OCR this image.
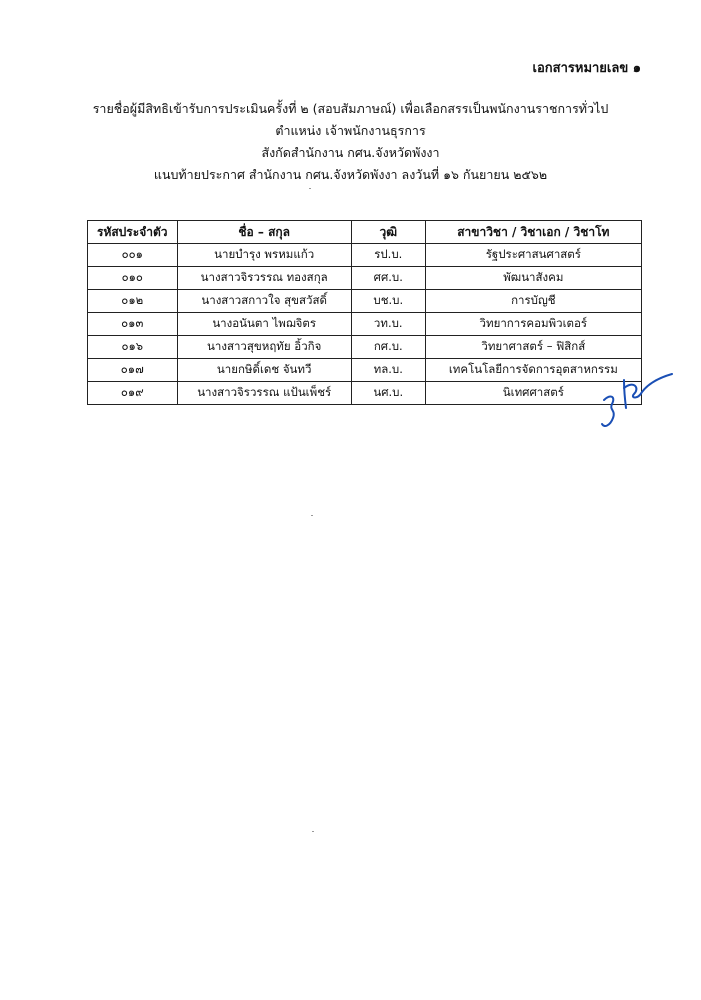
เอกสารหมายเลข ๑
รายชื่อผู้มีสิทธิเข้ารับการประเมินครั้งที่ ๒ (สอบสัมภาษณ์) เพื่อเลือกสรรเป็นพนักงานราชการทั่วไป
ตำแหน่ง เจ้าพนักงานธุรการ
สังกัดสำนักงาน กศน.จังหวัดพังงา
แนบท้ายประกาศ สำนักงาน กศน.จังหวัดพังงา ลงวันที่ ๑๖ กันยายน ๒๕๖๒
รหัสประจำตัว	ชื่อ – สกุล	วุฒิ	สาขาวิชา / วิชาเอก / วิชาโท
๐๐๑	นายบำรุง พรหมแก้ว	รป.บ.	รัฐประศาสนศาสตร์
๐๑๐	นางสาวจิรวรรณ ทองสกุล	ศศ.บ.	พัฒนาสังคม
๐๑๒	นางสาวสกาวใจ สุขสวัสดิ์	บช.บ.	การบัญชี
๐๑๓	นางอนันตา ไพฌจิตร	วท.บ.	วิทยาการคอมพิวเตอร์
๐๑๖	นางสาวสุขหฤทัย อิ้วกิจ	กศ.บ.	วิทยาศาสตร์ – ฟิสิกส์
๐๑๗	นายกษิดิ์เดช จันทวี	ทล.บ.	เทคโนโลยีการจัดการอุตสาหกรรม
๐๑๙	นางสาวจิรวรรณ แป้นเพ็ชร์	นศ.บ.	นิเทศศาสตร์
